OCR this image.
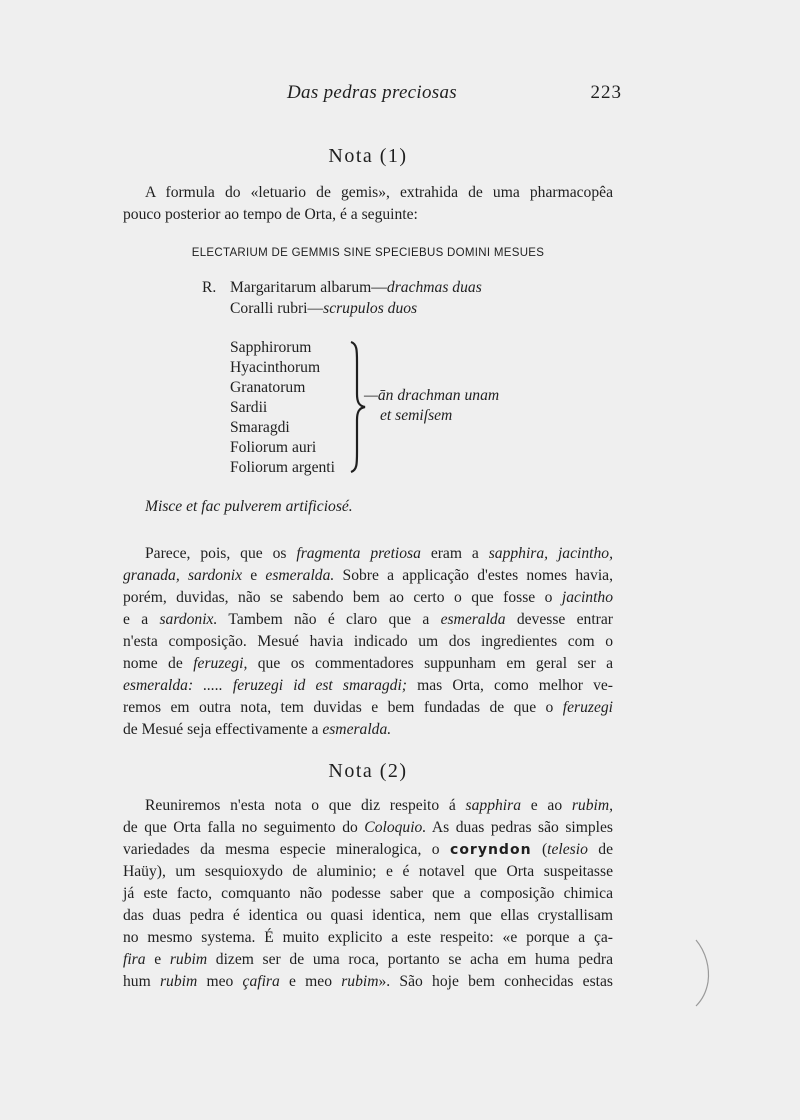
Das pedras preciosas	223
Nota (1)
A formula do «letuario de gemis», extrahida de uma pharmacopêa
pouco posterior ao tempo de Orta, é a seguinte:
ELECTARIUM DE GEMMIS SINE SPECIEBUS DOMINI MESUES
R. Margaritarum albarum—drachmas duas
Coralli rubri—scrupulos duos
Sapphirorum
Hyacinthorum
Granatorum
Sardii
Smaragdi
Foliorum auri
Foliorum argenti
—ān drachman unam
et semiſsem
Misce et fac pulverem artificiosé.
Parece, pois, que os fragmenta pretiosa eram a sapphira, jacintho,
granada, sardonix e esmeralda. Sobre a applicação d'estes nomes havia,
porém, duvidas, não se sabendo bem ao certo o que fosse o jacintho
e a sardonix. Tambem não é claro que a esmeralda devesse entrar
n'esta composição. Mesué havia indicado um dos ingredientes com o
nome de feruzegi, que os commentadores suppunham em geral ser a
esmeralda: ..... feruzegi id est smaragdi; mas Orta, como melhor ve-
remos em outra nota, tem duvidas e bem fundadas de que o feruzegi
de Mesué seja effectivamente a esmeralda.
Nota (2)
Reuniremos n'esta nota o que diz respeito á sapphira e ao rubim,
de que Orta falla no seguimento do Coloquio. As duas pedras são simples
variedades da mesma especie mineralogica, o coryndon (telesio de
Haüy), um sesquioxydo de aluminio; e é notavel que Orta suspeitasse
já este facto, comquanto não podesse saber que a composição chimica
das duas pedra é identica ou quasi identica, nem que ellas crystallisam
no mesmo systema. É muito explicito a este respeito: «e porque a ça-
fira e rubim dizem ser de uma roca, portanto se acha em huma pedra
hum rubim meo çafira e meo rubim». São hoje bem conhecidas estas
